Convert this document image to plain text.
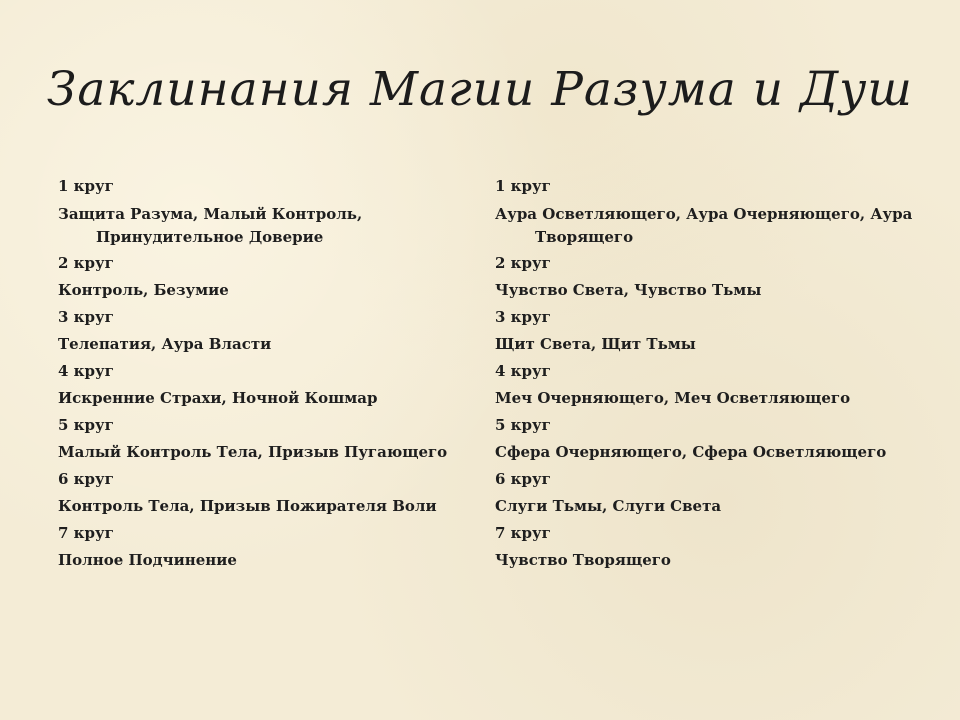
Заклинания Магии Разума и Душ
1 круг
Защита Разума, Малый Контроль,
Принудительное Доверие
2 круг
Контроль, Безумие
3 круг
Телепатия, Аура Власти
4 круг
Искренние Страхи, Ночной Кошмар
5 круг
Малый Контроль Тела, Призыв Пугающего
6 круг
Контроль Тела, Призыв Пожирателя Воли
7 круг
Полное Подчинение
1 круг
Аура Осветляющего, Аура Очерняющего, Аура
Творящего
2 круг
Чувство Света, Чувство Тьмы
3 круг
Щит Света, Щит Тьмы
4 круг
Меч Очерняющего, Меч Осветляющего
5 круг
Сфера Очерняющего, Сфера Осветляющего
6 круг
Слуги Тьмы, Слуги Света
7 круг
Чувство Творящего
